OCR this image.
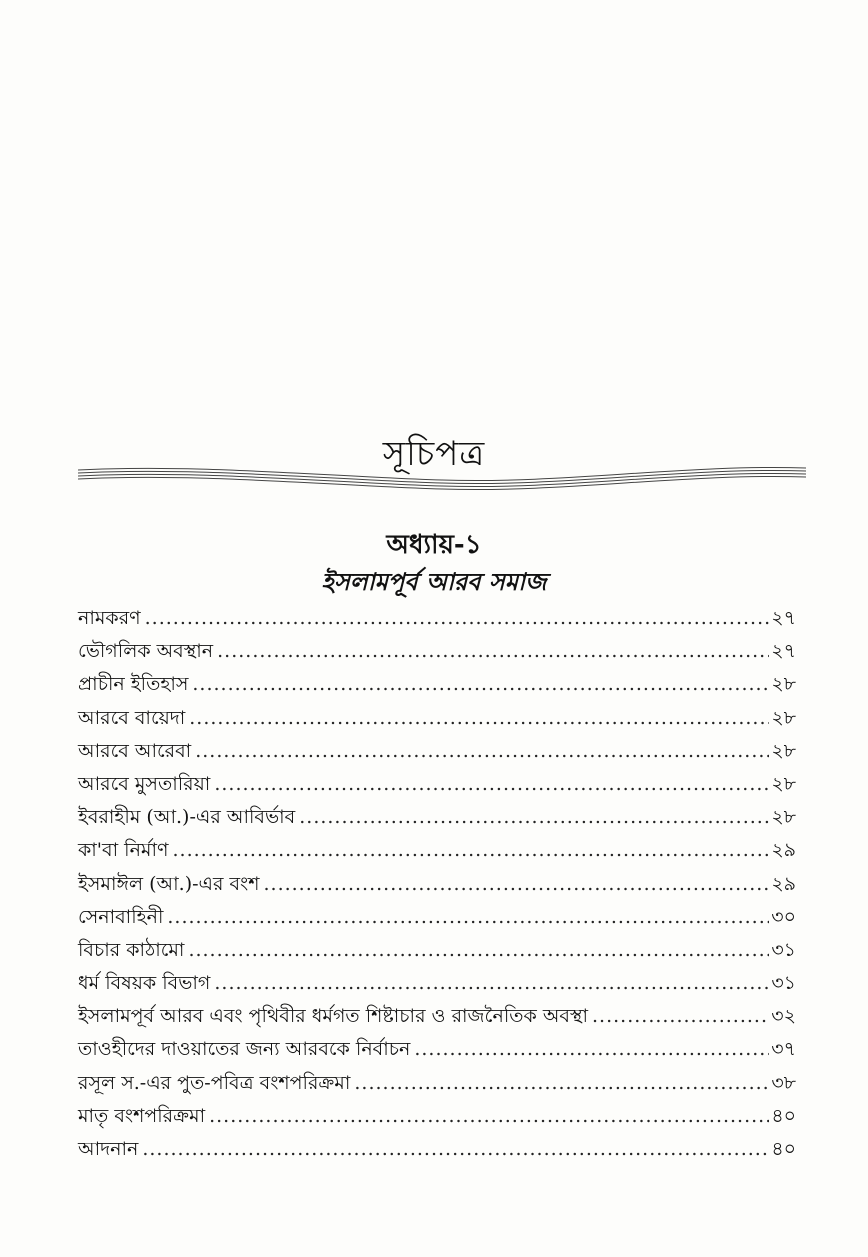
সূচিপত্র
অধ্যায়-১
ইসলামপূর্ব আরব সমাজ
নামকরণ .....	২৭
ভৌগলিক অবস্থান .....	২৭
প্রাচীন ইতিহাস .....	২৮
আরবে বায়েদা .....	২৮
আরবে আরেবা .....	২৮
আরবে মুসতারিয়া .....	২৮
ইবরাহীম (আ.)-এর আবির্ভাব .....	২৮
কা'বা নির্মাণ .....	২৯
ইসমাঈল (আ.)-এর বংশ .....	২৯
সেনাবাহিনী .....	৩০
বিচার কাঠামো .....	৩১
ধর্ম বিষয়ক বিভাগ .....	৩১
ইসলামপূর্ব আরব এবং পৃথিবীর ধর্মগত শিষ্টাচার ও রাজনৈতিক অবস্থা .....	৩২
তাওহীদের দাওয়াতের জন্য আরবকে নির্বাচন .....	৩৭
রসূল স.-এর পুত-পবিত্র বংশপরিক্রমা .....	৩৮
মাতৃ বংশপরিক্রমা .....	৪০
আদনান .....	৪০
